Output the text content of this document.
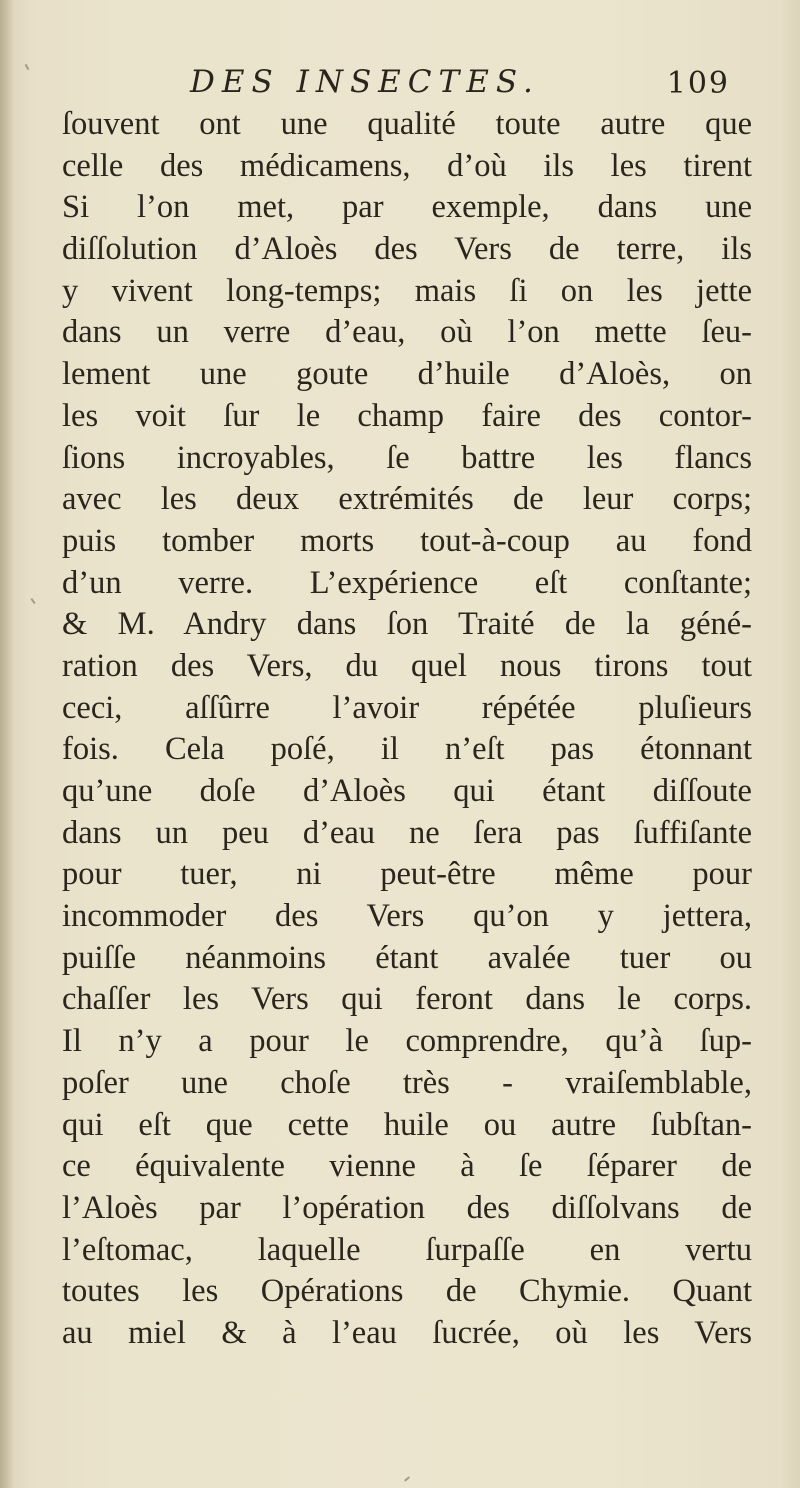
DES INSECTES.	109
ſouvent ont une qualité toute autre que
celle des médicamens, d’où ils les tirent
Si l’on met, par exemple, dans une
diſſolution d’Aloès des Vers de terre, ils
y vivent long-temps; mais ſi on les jette
dans un verre d’eau, où l’on mette ſeu-
lement une goute d’huile d’Aloès, on
les voit ſur le champ faire des contor-
ſions incroyables, ſe battre les flancs
avec les deux extrémités de leur corps;
puis tomber morts tout-à-coup au fond
d’un verre. L’expérience eſt conſtante;
& M. Andry dans ſon Traité de la géné-
ration des Vers, du quel nous tirons tout
ceci, aſſûrre l’avoir répétée pluſieurs
fois. Cela poſé, il n’eſt pas étonnant
qu’une doſe d’Aloès qui étant diſſoute
dans un peu d’eau ne ſera pas ſuffiſante
pour tuer, ni peut-être même pour
incommoder des Vers qu’on y jettera,
puiſſe néanmoins étant avalée tuer ou
chaſſer les Vers qui feront dans le corps.
Il n’y a pour le comprendre, qu’à ſup-
poſer une choſe très - vraiſemblable,
qui eſt que cette huile ou autre ſubſtan-
ce équivalente vienne à ſe ſéparer de
l’Aloès par l’opération des diſſolvans de
l’eſtomac, laquelle ſurpaſſe en vertu
toutes les Opérations de Chymie. Quant
au miel & à l’eau ſucrée, où les Vers
